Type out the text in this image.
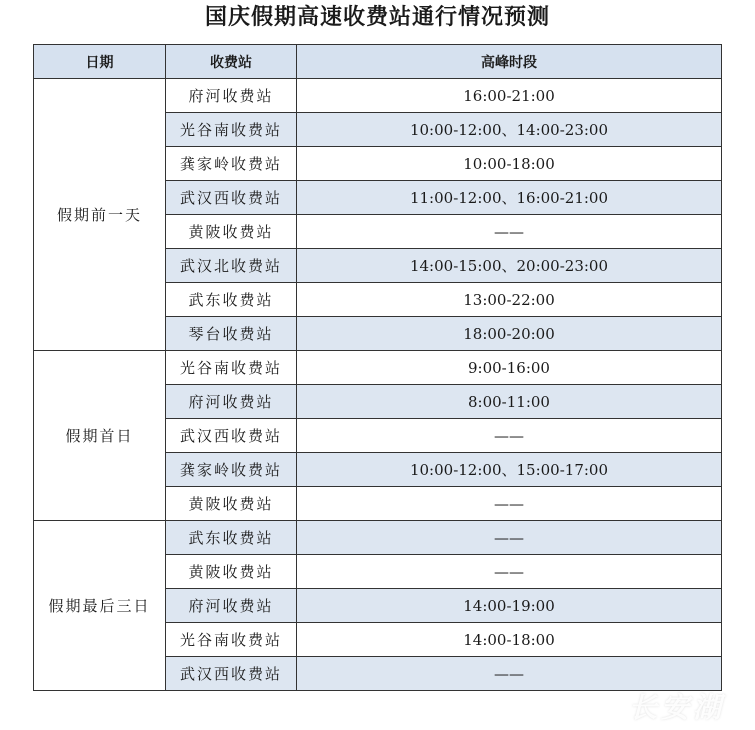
国庆假期高速收费站通行情况预测
日期	收费站	高峰时段
假期前一天	府河收费站	16:00-21:00
	光谷南收费站	10:00-12:00、14:00-23:00
	龚家岭收费站	10:00-18:00
	武汉西收费站	11:00-12:00、16:00-21:00
	黄陂收费站	——
	武汉北收费站	14:00-15:00、20:00-23:00
	武东收费站	13:00-22:00
	琴台收费站	18:00-20:00
假期首日	光谷南收费站	9:00-16:00
	府河收费站	8:00-11:00
	武汉西收费站	——
	龚家岭收费站	10:00-12:00、15:00-17:00
	黄陂收费站	——
假期最后三日	武东收费站	——
	黄陂收费站	——
	府河收费站	14:00-19:00
	光谷南收费站	14:00-18:00
	武汉西收费站	——
长安湖
